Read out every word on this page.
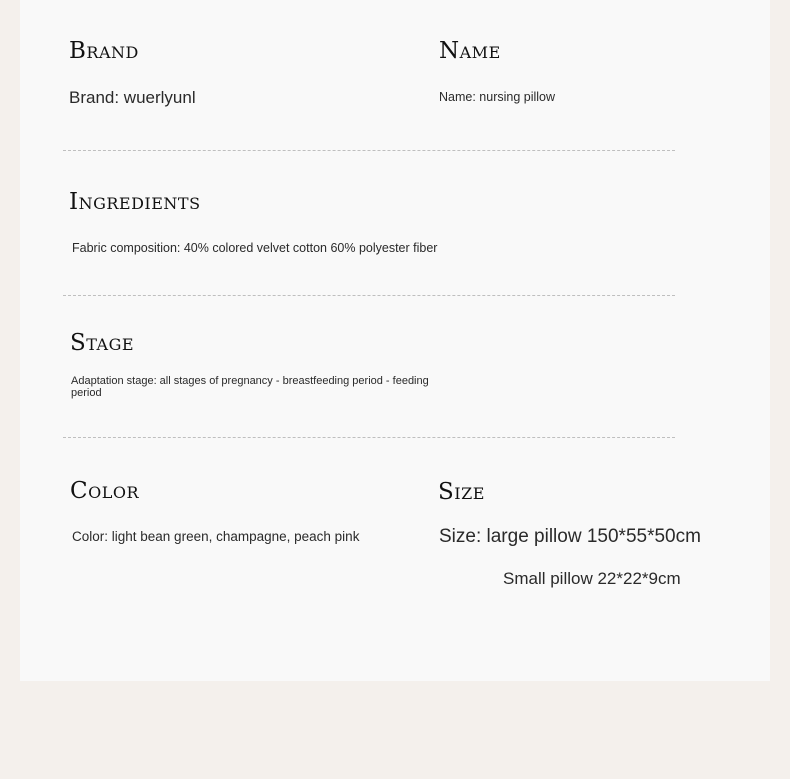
Brand
Brand: wuerlyunl
Name
Name: nursing pillow
Ingredients
Fabric composition: 40% colored velvet cotton 60% polyester fiber
Stage
Adaptation stage: all stages of pregnancy - breastfeeding period - feeding period
Color
Color: light bean green, champagne, peach pink
Size
Size: large pillow 150*55*50cm
Small pillow 22*22*9cm
